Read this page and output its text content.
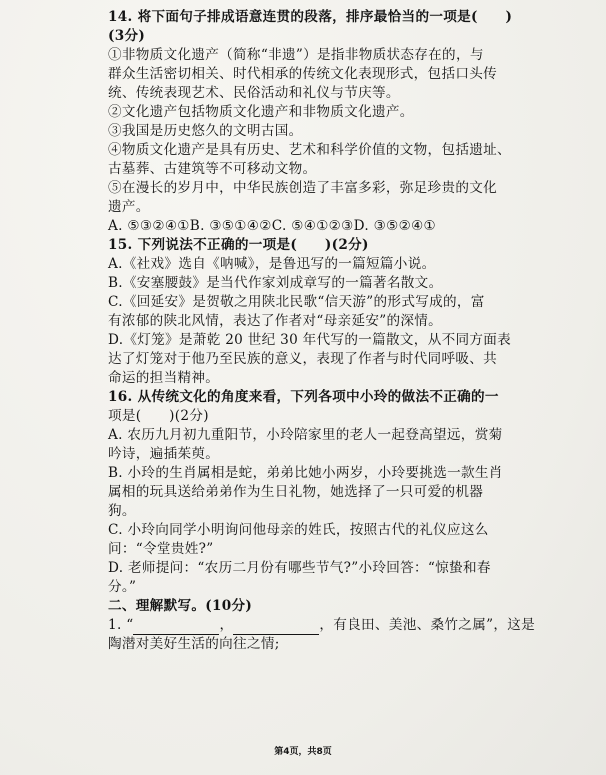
14. 将下面句子排成语意连贯的段落，排序最恰当的一项是(　　)
(3分)
①非物质文化遗产（简称“非遗”）是指非物质状态存在的，与
群众生活密切相关、时代相承的传统文化表现形式，包括口头传
统、传统表现艺术、民俗活动和礼仪与节庆等。
②文化遗产包括物质文化遗产和非物质文化遗产。
③我国是历史悠久的文明古国。
④物质文化遗产是具有历史、艺术和科学价值的文物，包括遗址、
古墓葬、古建筑等不可移动文物。
⑤在漫长的岁月中，中华民族创造了丰富多彩，弥足珍贵的文化
遗产。
A. ⑤③②④①B. ③⑤①④②C. ⑤④①②③D. ③⑤②④①
15. 下列说法不正确的一项是(　　)(2分)
A.《社戏》选自《呐喊》，是鲁迅写的一篇短篇小说。
B.《安塞腰鼓》是当代作家刘成章写的一篇著名散文。
C.《回延安》是贺敬之用陕北民歌“信天游”的形式写成的，富
有浓郁的陕北风情，表达了作者对“母亲延安”的深情。
D.《灯笼》是萧乾 20 世纪 30 年代写的一篇散文，从不同方面表
达了灯笼对于他乃至民族的意义，表现了作者与时代同呼吸、共
命运的担当精神。
16. 从传统文化的角度来看，下列各项中小玲的做法不正确的一
项是(　　)(2分)
A. 农历九月初九重阳节，小玲陪家里的老人一起登高望远，赏菊
吟诗，遍插茱萸。
B. 小玲的生肖属相是蛇，弟弟比她小两岁，小玲要挑选一款生肖
属相的玩具送给弟弟作为生日礼物，她选择了一只可爱的机器
狗。
C. 小玲向同学小明询问他母亲的姓氏，按照古代的礼仪应这么
问：“令堂贵姓?”
D. 老师提问：“农历二月份有哪些节气?”小玲回答：“惊蛰和春
分。”
二、理解默写。(10分)
1. “	，	，有良田、美池、桑竹之属”，这是
陶潜对美好生活的向往之情;
第4页，共8页
